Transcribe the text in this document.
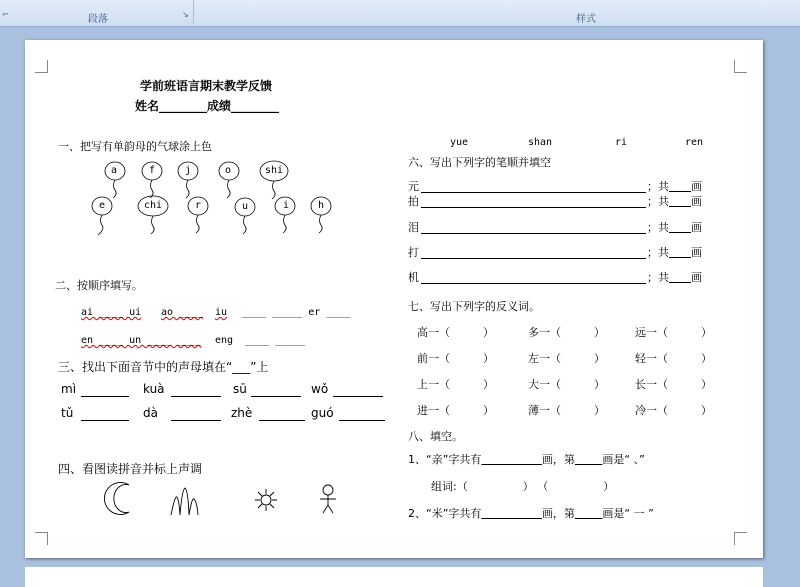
⌐	段落	↘	样式
学前班语言期末教学反馈
姓名________成绩________
一、把写有单韵母的气球涂上色
a	f	j	o	shi
e	chi	r	u	i	h
二、按顺序填写。
ai ____ ui ao ____ iu ____ _____ er ____
en ____ un ____ ____ eng ____ _____
三、找出下面音节中的声母填在“___”上
mì	kuà	sū	wǒ
tǔ	dà	zhè	guó
四、看图读拼音并标上声调
yue	shan	ri	ren
六、写出下列字的笔顺并填空
元	；共     画
拍	；共     画
泪	；共     画
打	；共     画
机	；共     画
七、写出下列字的反义词。
高一（      	）	多一（      	）	远一（      	）
前一（      	）	左一（      	）	轻一（      	）
上一（      	）	大一（      	）	长一（      	）
进一（      	）	薄一（      	）	冷一（      	）
八、填空。
1、“亲”字共有           	画，第     	画是“ 、”
组词:（          	） （          	）
2、“米”字共有           	画，第     	画是“ 一 ”
